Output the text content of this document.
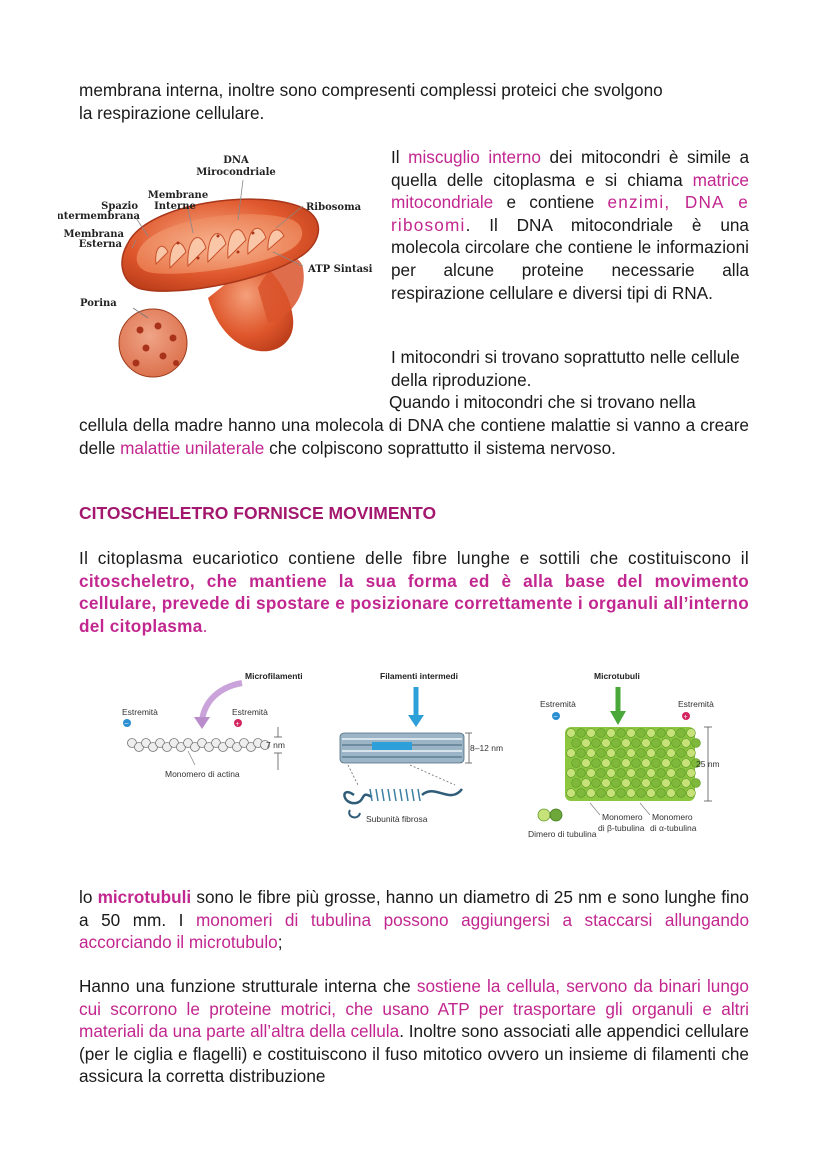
membrana interna, inoltre sono compresenti complessi proteici che svolgono
la respirazione cellulare.

DNA
Mirocondriale
Membrane
Interne
Spazio
Intermembrana
Membrana
Esterna
Ribosoma
ATP Sintasi
Porina

Il miscuglio interno dei mitocondri è simile a quella delle citoplasma e si chiama matrice mitocondriale e contiene enzimi, DNA e ribosomi. Il DNA mitocondriale è una molecola circolare che contiene le informazioni per alcune proteine necessarie alla respirazione cellulare e diversi tipi di RNA.

I mitocondri si trovano soprattutto nelle cellule della riproduzione.
Quando i mitocondri che si trovano nella

cellula della madre hanno una molecola di DNA che contiene malattie si vanno a creare delle malattie unilaterale che colpiscono soprattutto il sistema nervoso.

CITOSCHELETRO FORNISCE MOVIMENTO

Il citoplasma eucariotico contiene delle fibre lunghe e sottili che costituiscono il citoscheletro, che mantiene la sua forma ed è alla base del movimento cellulare, prevede di spostare e posizionare correttamente i organuli all’interno del citoplasma.

Microfilamenti
Estremità
–
Estremità
+
7 nm
Monomero di actina
Filamenti intermedi
8–12 nm
Subunità fibrosa
Microtubuli
Estremità
–
Estremità
+
25 nm
Dimero di tubulina
Monomero
di β-tubulina
Monomero
di α-tubulina

lo microtubuli sono le fibre più grosse, hanno un diametro di 25 nm e sono lunghe fino a 50 mm. I monomeri di tubulina possono aggiungersi a staccarsi allungando accorciando il microtubulo;

Hanno una funzione strutturale interna che sostiene la cellula, servono da binari lungo cui scorrono le proteine motrici, che usano ATP per trasportare gli organuli e altri materiali da una parte all’altra della cellula. Inoltre sono associati alle appendici cellulare (per le ciglia e flagelli) e costituiscono il fuso mitotico ovvero un insieme di filamenti che assicura la corretta distribuzione
